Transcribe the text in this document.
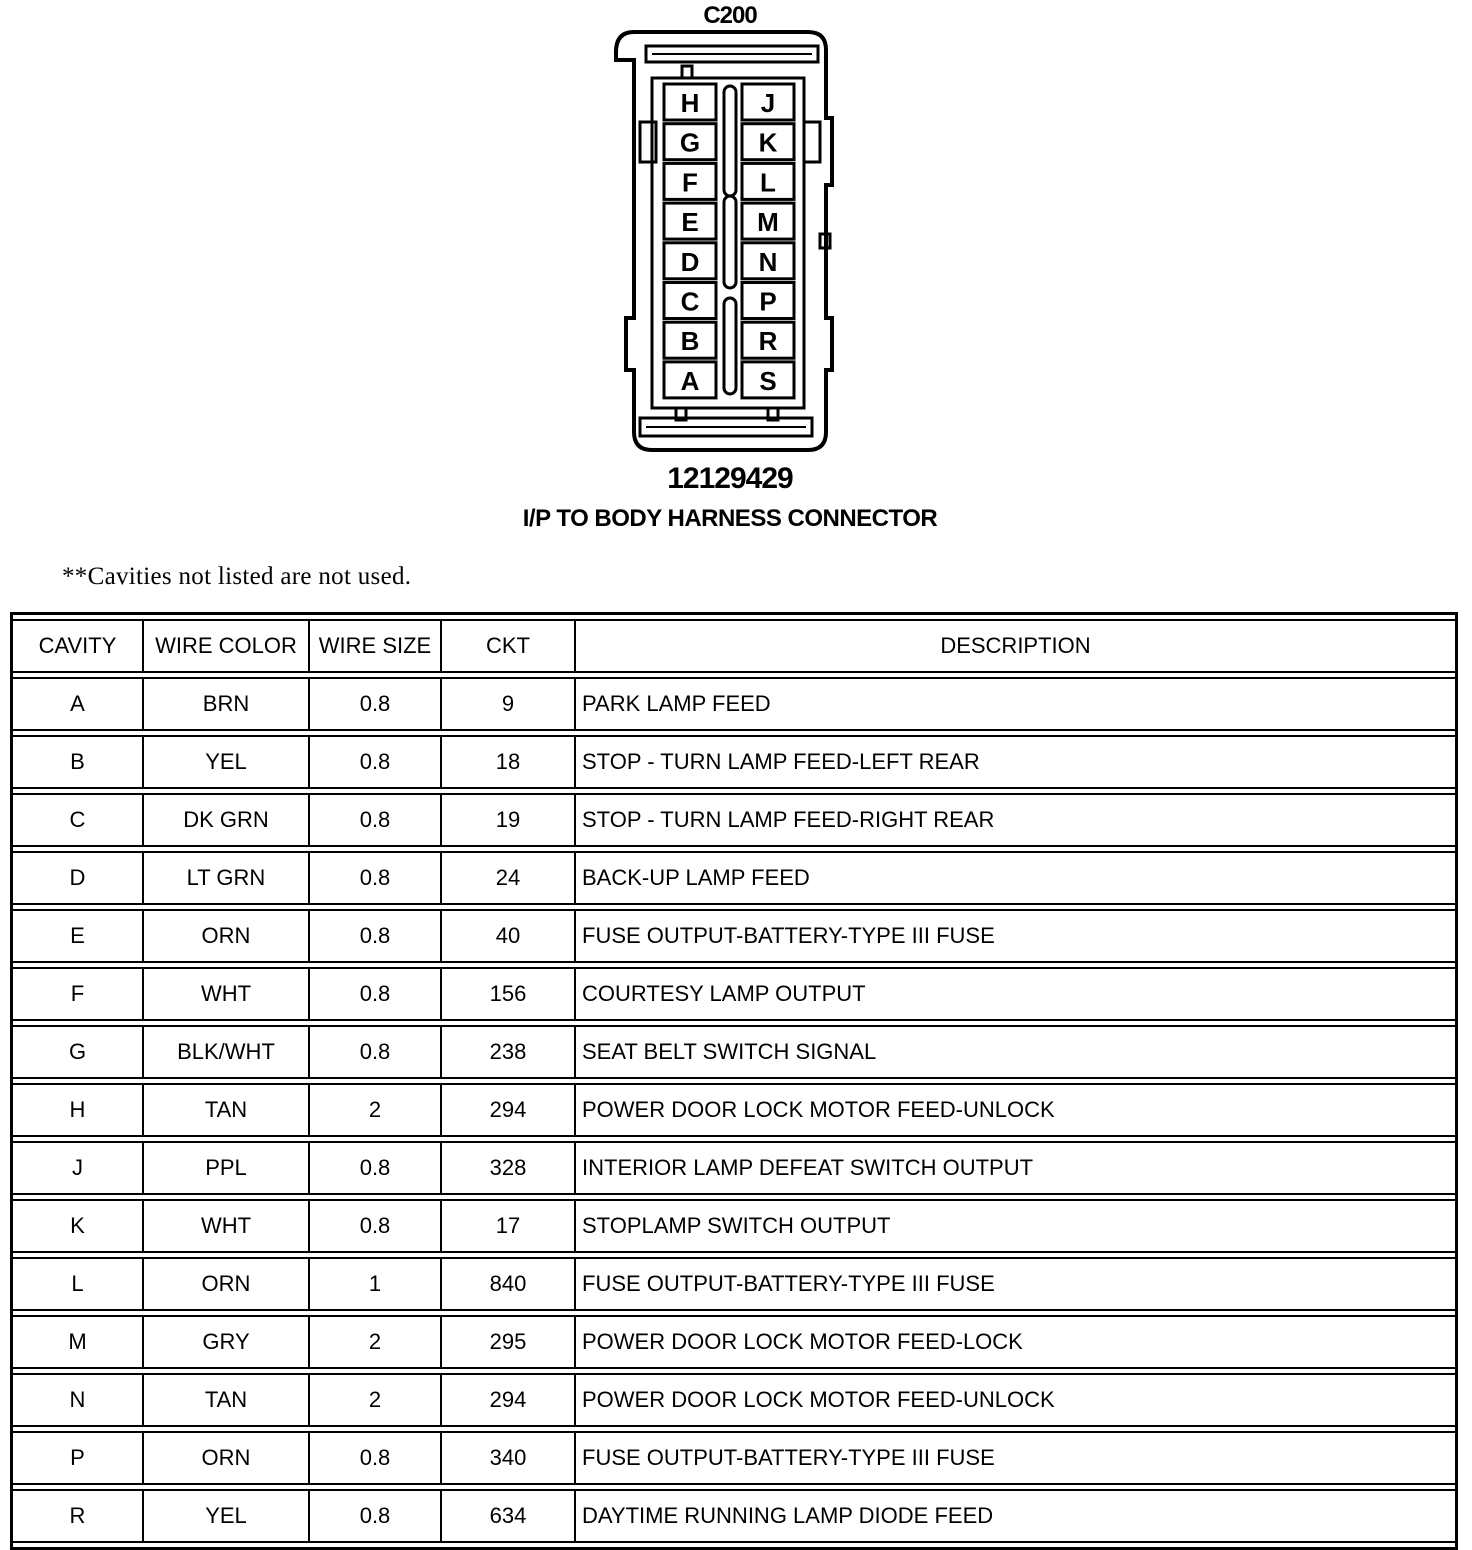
C200
H
G
F
E
D
C
B
A
J
K
L
M
N
P
R
S
12129429
I/P TO BODY HARNESS CONNECTOR
**Cavities not listed are not used.
CAVITY	WIRE COLOR	WIRE SIZE	CKT	DESCRIPTION
A	BRN	0.8	9	PARK LAMP FEED
B	YEL	0.8	18	STOP - TURN LAMP FEED-LEFT REAR
C	DK GRN	0.8	19	STOP - TURN LAMP FEED-RIGHT REAR
D	LT GRN	0.8	24	BACK-UP LAMP FEED
E	ORN	0.8	40	FUSE OUTPUT-BATTERY-TYPE III FUSE
F	WHT	0.8	156	COURTESY LAMP OUTPUT
G	BLK/WHT	0.8	238	SEAT BELT SWITCH SIGNAL
H	TAN	2	294	POWER DOOR LOCK MOTOR FEED-UNLOCK
J	PPL	0.8	328	INTERIOR LAMP DEFEAT SWITCH OUTPUT
K	WHT	0.8	17	STOPLAMP SWITCH OUTPUT
L	ORN	1	840	FUSE OUTPUT-BATTERY-TYPE III FUSE
M	GRY	2	295	POWER DOOR LOCK MOTOR FEED-LOCK
N	TAN	2	294	POWER DOOR LOCK MOTOR FEED-UNLOCK
P	ORN	0.8	340	FUSE OUTPUT-BATTERY-TYPE III FUSE
R	YEL	0.8	634	DAYTIME RUNNING LAMP DIODE FEED
